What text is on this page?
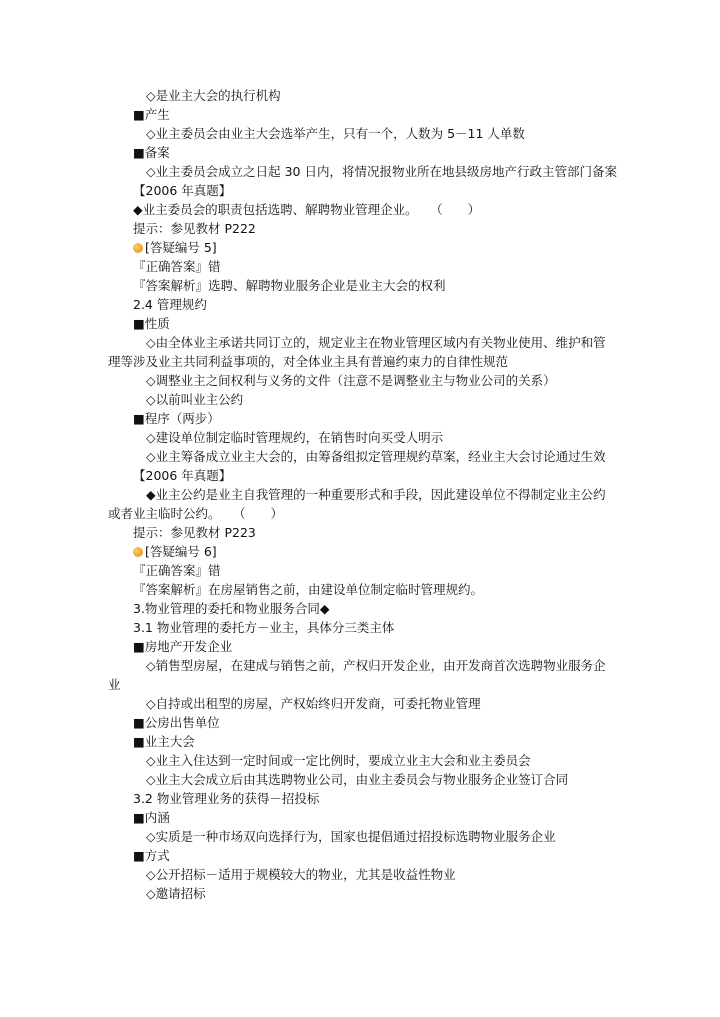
◇是业主大会的执行机构
■产生
◇业主委员会由业主大会选举产生，只有一个，人数为 5－11 人单数
■备案
◇业主委员会成立之日起 30 日内，将情况报物业所在地县级房地产行政主管部门备案
【2006 年真题】
◆业主委员会的职责包括选聘、解聘物业管理企业。　　（　　）
提示：参见教材 P222
[答疑编号 5]
『正确答案』错
『答案解析』选聘、解聘物业服务企业是业主大会的权利
2.4 管理规约
■性质
◇由全体业主承诺共同订立的，规定业主在物业管理区域内有关物业使用、维护和管理等涉及业主共同利益事项的，对全体业主具有普遍约束力的自律性规范
◇调整业主之间权利与义务的文件（注意不是调整业主与物业公司的关系）
◇以前叫业主公约
■程序（两步）
◇建设单位制定临时管理规约，在销售时向买受人明示
◇业主筹备成立业主大会的，由筹备组拟定管理规约草案，经业主大会讨论通过生效
【2006 年真题】
◆业主公约是业主自我管理的一种重要形式和手段，因此建设单位不得制定业主公约或者业主临时公约。　　（　　）
提示：参见教材 P223
[答疑编号 6]
『正确答案』错
『答案解析』在房屋销售之前，由建设单位制定临时管理规约。
3.物业管理的委托和物业服务合同◆
3.1 物业管理的委托方－业主，具体分三类主体
■房地产开发企业
◇销售型房屋，在建成与销售之前，产权归开发企业，由开发商首次选聘物业服务企业
◇自持或出租型的房屋，产权始终归开发商，可委托物业管理
■公房出售单位
■业主大会
◇业主入住达到一定时间或一定比例时，要成立业主大会和业主委员会
◇业主大会成立后由其选聘物业公司，由业主委员会与物业服务企业签订合同
3.2 物业管理业务的获得－招投标
■内涵
◇实质是一种市场双向选择行为，国家也提倡通过招投标选聘物业服务企业
■方式
◇公开招标－适用于规模较大的物业，尤其是收益性物业
◇邀请招标
